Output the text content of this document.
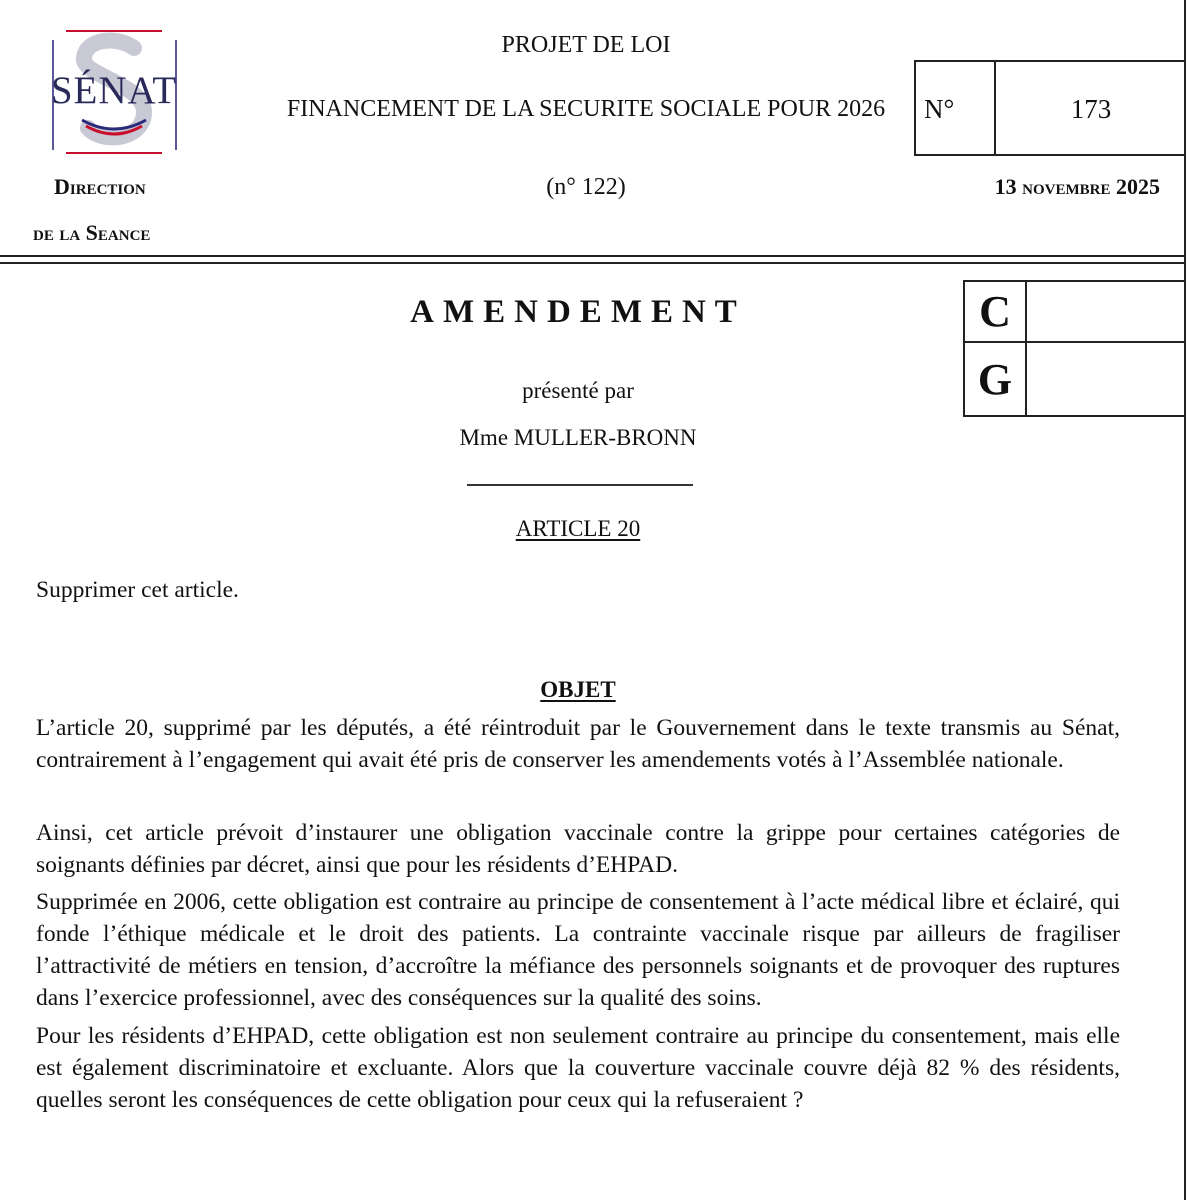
SÉNAT
PROJET DE LOI
FINANCEMENT DE LA SECURITE SOCIALE POUR 2026
(n° 122)
Direction
de la Seance
N°	173
13 novembre 2025
AMENDEMENT	C
G
présenté par
Mme MULLER-BRONN
ARTICLE 20
Supprimer cet article.
OBJET
L’article 20, supprimé par les députés, a été réintroduit par le Gouvernement dans le texte transmis au Sénat, contrairement à l’engagement qui avait été pris de conserver les amendements votés à l’Assemblée nationale.
Ainsi, cet article prévoit d’instaurer une obligation vaccinale contre la grippe pour certaines catégories de soignants définies par décret, ainsi que pour les résidents d’EHPAD.
Supprimée en 2006, cette obligation est contraire au principe de consentement à l’acte médical libre et éclairé, qui fonde l’éthique médicale et le droit des patients. La contrainte vaccinale risque par ailleurs de fragiliser l’attractivité de métiers en tension, d’accroître la méfiance des personnels soignants et de provoquer des ruptures dans l’exercice professionnel, avec des conséquences sur la qualité des soins.
Pour les résidents d’EHPAD, cette obligation est non seulement contraire au principe du consentement, mais elle est également discriminatoire et excluante. Alors que la couverture vaccinale couvre déjà 82 % des résidents, quelles seront les conséquences de cette obligation pour ceux qui la refuseraient ?
